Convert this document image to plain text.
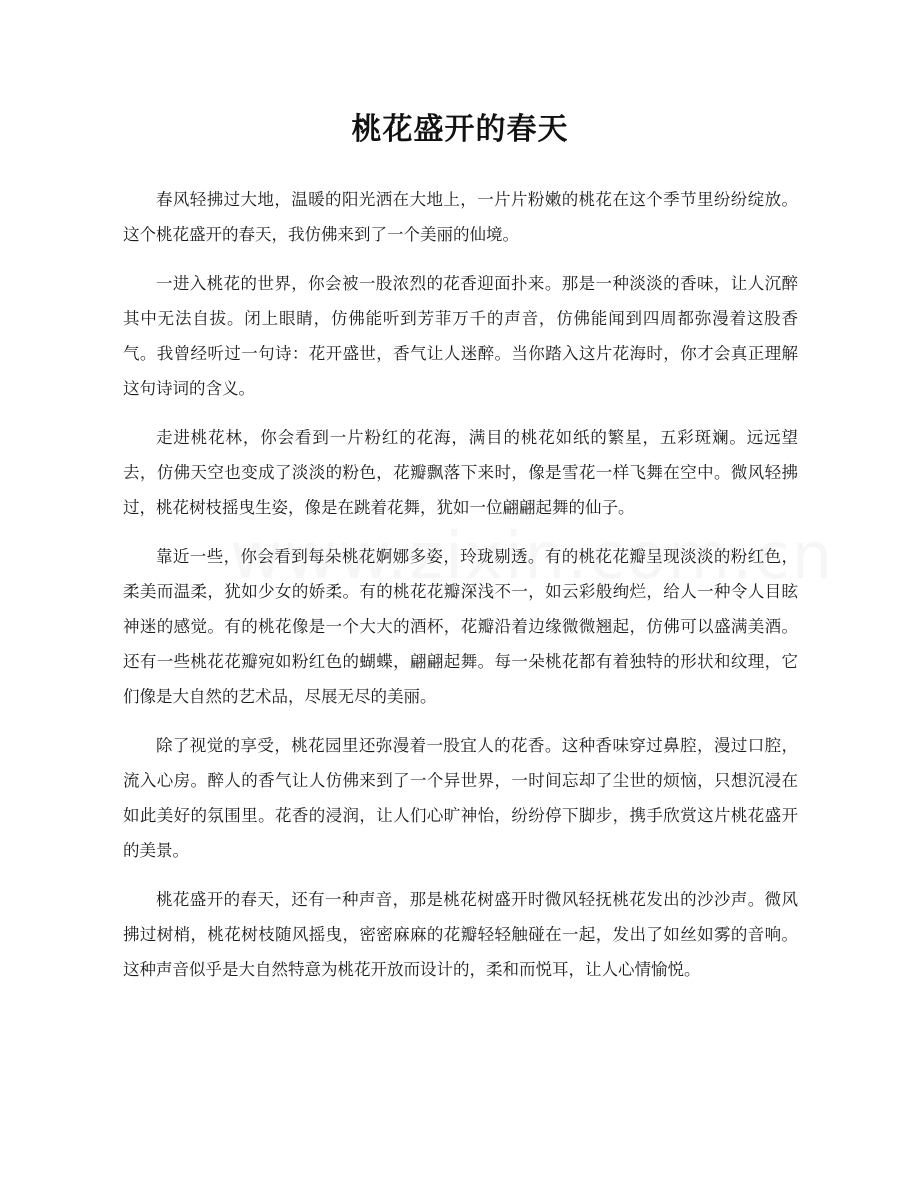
桃花盛开的春天

春风轻拂过大地，温暖的阳光洒在大地上，一片片粉嫩的桃花在这个季节里纷纷绽放。这个桃花盛开的春天，我仿佛来到了一个美丽的仙境。

一进入桃花的世界，你会被一股浓烈的花香迎面扑来。那是一种淡淡的香味，让人沉醉其中无法自拔。闭上眼睛，仿佛能听到芳菲万千的声音，仿佛能闻到四周都弥漫着这股香气。我曾经听过一句诗：花开盛世，香气让人迷醉。当你踏入这片花海时，你才会真正理解这句诗词的含义。

走进桃花林，你会看到一片粉红的花海，满目的桃花如纸的繁星，五彩斑斓。远远望去，仿佛天空也变成了淡淡的粉色，花瓣飘落下来时，像是雪花一样飞舞在空中。微风轻拂过，桃花树枝摇曳生姿，像是在跳着花舞，犹如一位翩翩起舞的仙子。

靠近一些，你会看到每朵桃花婀娜多姿，玲珑剔透。有的桃花花瓣呈现淡淡的粉红色，柔美而温柔，犹如少女的娇柔。有的桃花花瓣深浅不一，如云彩般绚烂，给人一种令人目眩神迷的感觉。有的桃花像是一个大大的酒杯，花瓣沿着边缘微微翘起，仿佛可以盛满美酒。还有一些桃花花瓣宛如粉红色的蝴蝶，翩翩起舞。每一朵桃花都有着独特的形状和纹理，它们像是大自然的艺术品，尽展无尽的美丽。

除了视觉的享受，桃花园里还弥漫着一股宜人的花香。这种香味穿过鼻腔，漫过口腔，流入心房。醉人的香气让人仿佛来到了一个异世界，一时间忘却了尘世的烦恼，只想沉浸在如此美好的氛围里。花香的浸润，让人们心旷神怡，纷纷停下脚步，携手欣赏这片桃花盛开的美景。

桃花盛开的春天，还有一种声音，那是桃花树盛开时微风轻抚桃花发出的沙沙声。微风拂过树梢，桃花树枝随风摇曳，密密麻麻的花瓣轻轻触碰在一起，发出了如丝如雾的音响。这种声音似乎是大自然特意为桃花开放而设计的，柔和而悦耳，让人心情愉悦。
